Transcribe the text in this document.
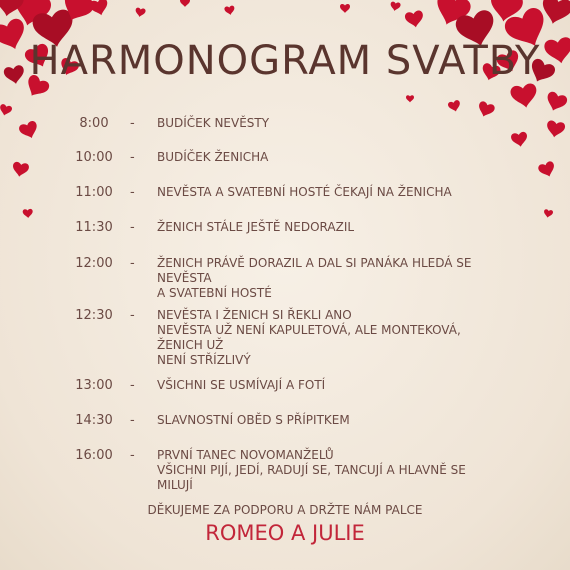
HARMONOGRAM SVATBY
8:00	- BUDÍČEK NEVĚSTY
10:00	- BUDÍČEK ŽENICHA
11:00	- NEVĚSTA A SVATEBNÍ HOSTÉ ČEKAJÍ NA ŽENICHA
11:30	- ŽENICH STÁLE JEŠTĚ NEDORAZIL
12:00	- ŽENICH PRÁVĚ DORAZIL A DAL SI PANÁKA HLEDÁ SE NEVĚSTA
A SVATEBNÍ HOSTÉ
12:30	- NEVĚSTA I ŽENICH SI ŘEKLI ANO
NEVĚSTA UŽ NENÍ KAPULETOVÁ, ALE MONTEKOVÁ, ŽENICH UŽ
NENÍ STŘÍZLIVÝ
13:00	- VŠICHNI SE USMÍVAJÍ A FOTÍ
14:30	- SLAVNOSTNÍ OBĚD S PŘÍPITKEM
16:00	- PRVNÍ TANEC NOVOMANŽELŮ
VŠICHNI PIJÍ, JEDÍ, RADUJÍ SE, TANCUJÍ A HLAVNĚ SE MILUJÍ
DĚKUJEME ZA PODPORU A DRŽTE NÁM PALCE
ROMEO A JULIE
